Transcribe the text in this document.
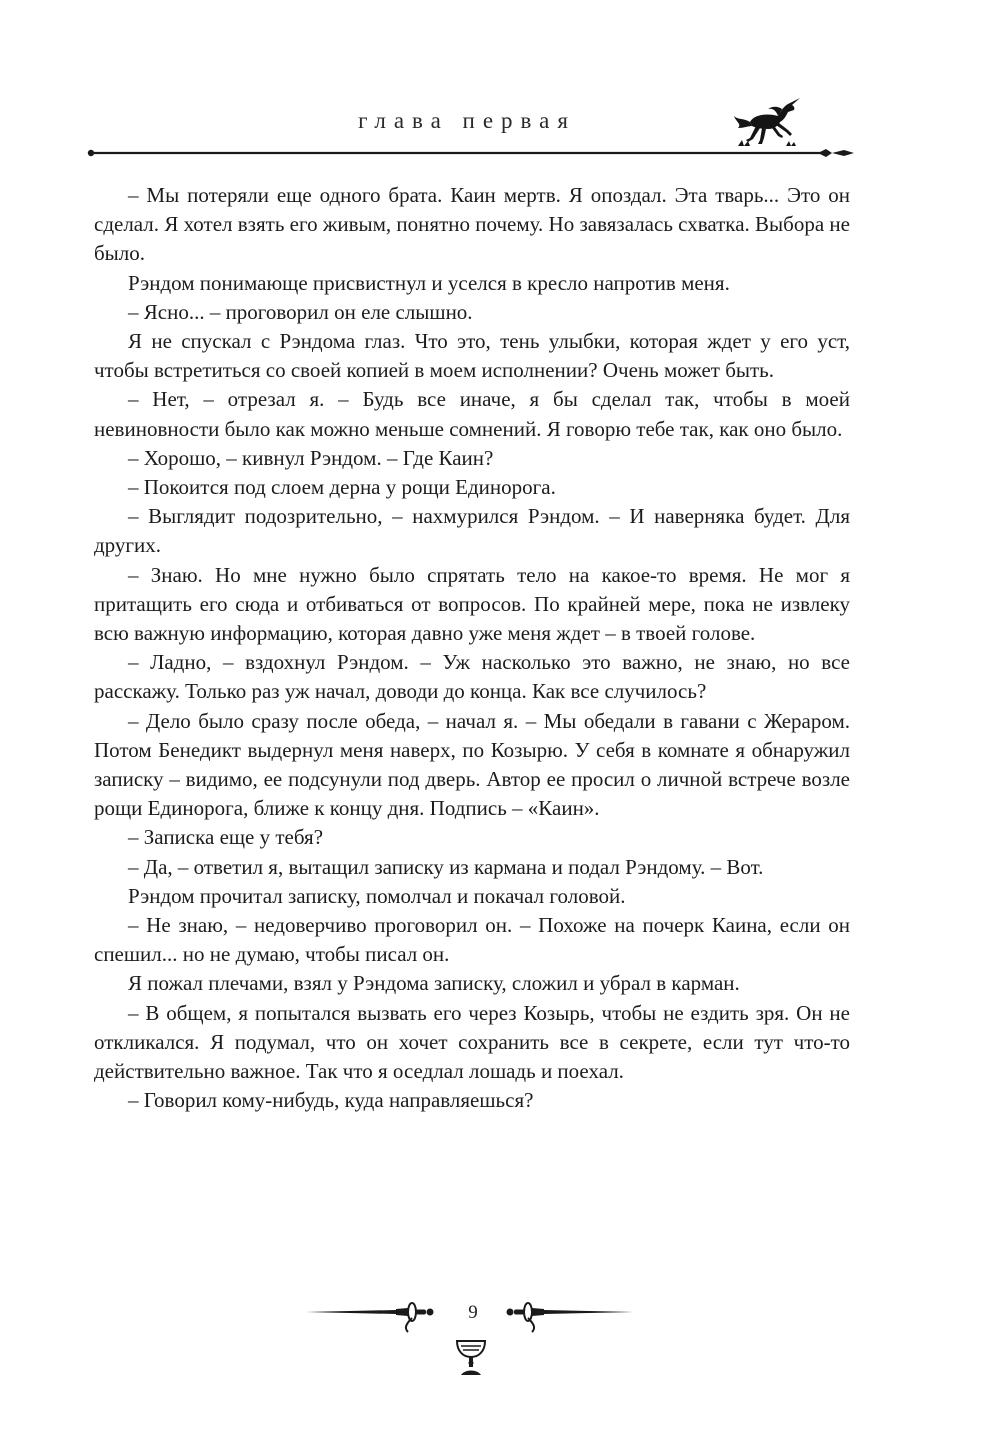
глава первая

– Мы потеряли еще одного брата. Каин мертв. Я опоздал. Эта тварь... Это он сделал. Я хотел взять его живым, понятно почему. Но завязалась схватка. Выбора не было.

Рэндом понимающе присвистнул и уселся в кресло напротив меня.

– Ясно... – проговорил он еле слышно.

Я не спускал с Рэндома глаз. Что это, тень улыбки, которая ждет у его уст, чтобы встретиться со своей копией в моем исполнении? Очень может быть.

– Нет, – отрезал я. – Будь все иначе, я бы сделал так, чтобы в моей невиновности было как можно меньше сомнений. Я говорю тебе так, как оно было.

– Хорошо, – кивнул Рэндом. – Где Каин?

– Покоится под слоем дерна у рощи Единорога.

– Выглядит подозрительно, – нахмурился Рэндом. – И наверняка будет. Для других.

– Знаю. Но мне нужно было спрятать тело на какое-то время. Не мог я притащить его сюда и отбиваться от вопросов. По крайней мере, пока не извлеку всю важную информацию, которая давно уже меня ждет – в твоей голове.

– Ладно, – вздохнул Рэндом. – Уж насколько это важно, не знаю, но все расскажу. Только раз уж начал, доводи до конца. Как все случилось?

– Дело было сразу после обеда, – начал я. – Мы обедали в гавани с Жераром. Потом Бенедикт выдернул меня наверх, по Козырю. У себя в комнате я обнаружил записку – видимо, ее подсунули под дверь. Автор ее просил о личной встрече возле рощи Единорога, ближе к концу дня. Подпись – «Каин».

– Записка еще у тебя?

– Да, – ответил я, вытащил записку из кармана и подал Рэндому. – Вот.

Рэндом прочитал записку, помолчал и покачал головой.

– Не знаю, – недоверчиво проговорил он. – Похоже на почерк Каина, если он спешил... но не думаю, чтобы писал он.

Я пожал плечами, взял у Рэндома записку, сложил и убрал в карман.

– В общем, я попытался вызвать его через Козырь, чтобы не ездить зря. Он не откликался. Я подумал, что он хочет сохранить все в секрете, если тут что-то действительно важное. Так что я оседлал лошадь и поехал.

– Говорил кому-нибудь, куда направляешься?

9
